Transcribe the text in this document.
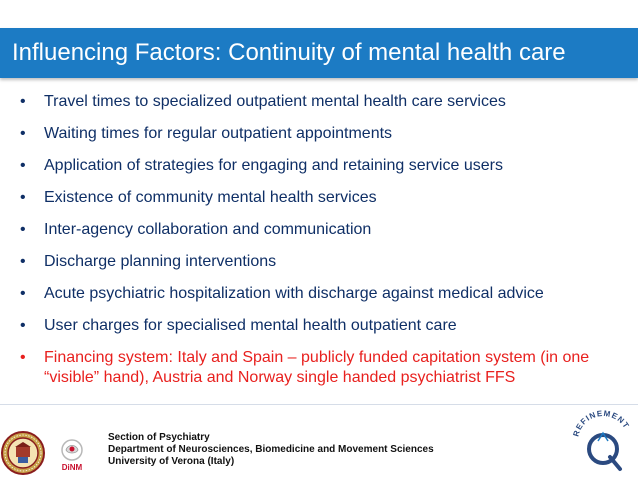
Influencing Factors: Continuity of mental health care
• Travel times to specialized outpatient mental health care services
• Waiting times for regular outpatient appointments
• Application of strategies for engaging and retaining service users
• Existence of community mental health services
• Inter-agency collaboration and communication
• Discharge planning interventions
• Acute psychiatric hospitalization with discharge against medical advice
• User charges for specialised mental health outpatient care
• Financing system: Italy and Spain – publicly funded capitation system (in one “visible” hand), Austria and Norway single handed psychiatrist FFS
DiNM
REFINEMENT
Section of Psychiatry
Department of Neurosciences, Biomedicine and Movement Sciences
University of Verona (Italy)
